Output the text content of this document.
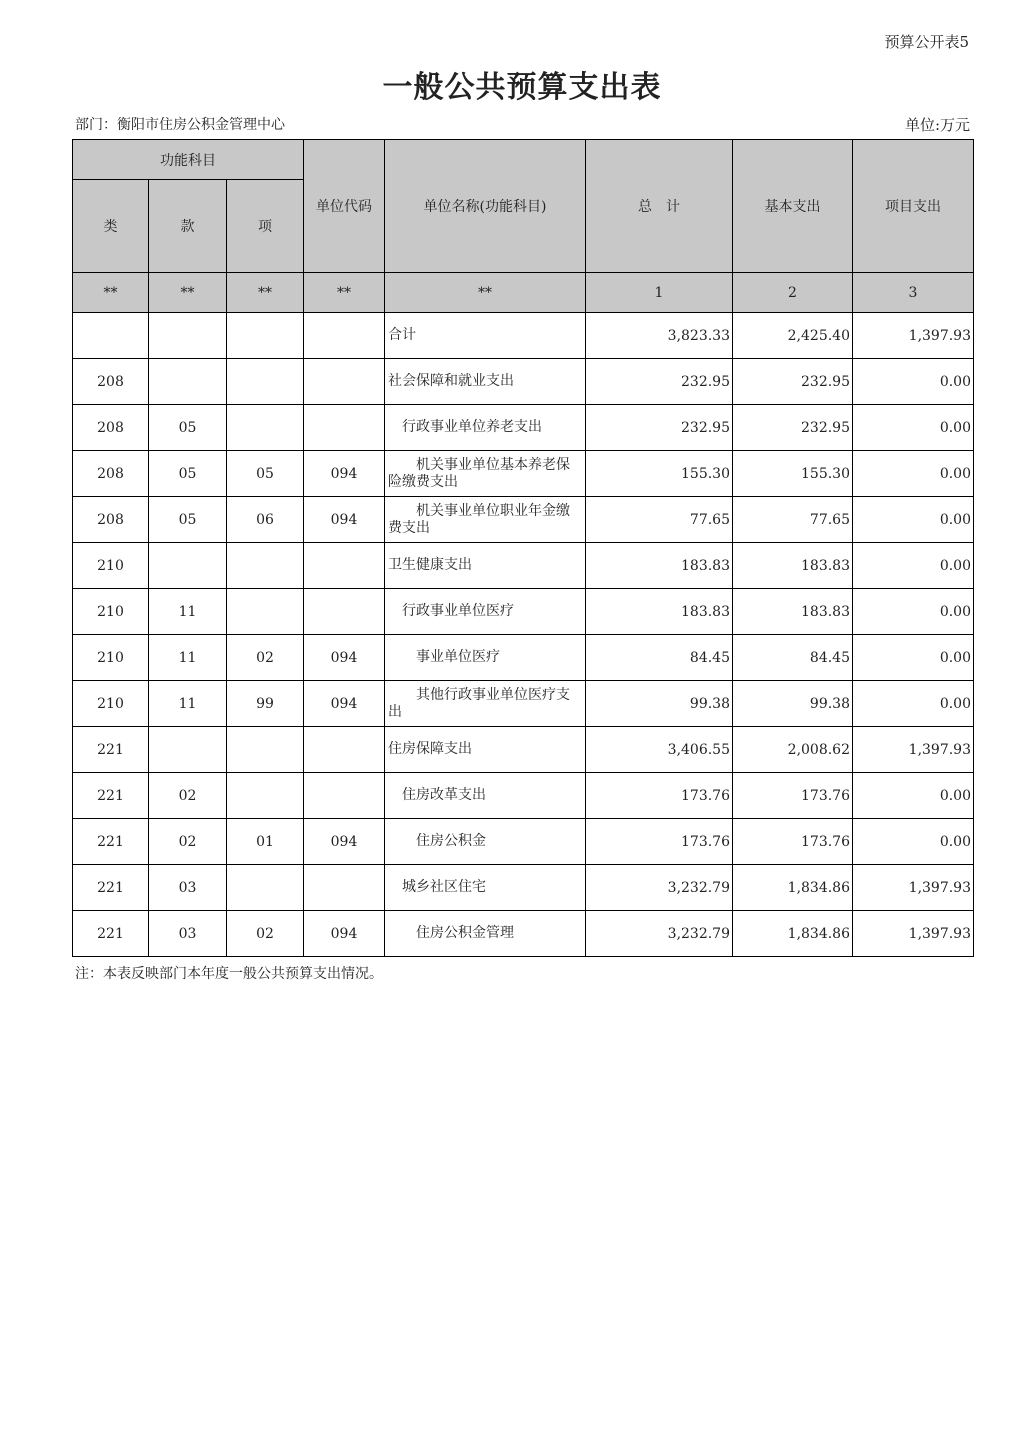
预算公开表5
一般公共预算支出表
部门：衡阳市住房公积金管理中心	单位:万元
功能科目			单位代码	单位名称(功能科目)	总　计	基本支出	项目支出
类	款	项					
**	**	**	**	**	1	2	3
				合计	3,823.33	2,425.40	1,397.93
208				社会保障和就业支出	232.95	232.95	0.00
208	05			　行政事业单位养老支出	232.95	232.95	0.00
208	05	05	094	　　机关事业单位基本养老保险缴费支出	155.30	155.30	0.00
208	05	06	094	　　机关事业单位职业年金缴费支出	77.65	77.65	0.00
210				卫生健康支出	183.83	183.83	0.00
210	11			　行政事业单位医疗	183.83	183.83	0.00
210	11	02	094	　　事业单位医疗	84.45	84.45	0.00
210	11	99	094	　　其他行政事业单位医疗支出	99.38	99.38	0.00
221				住房保障支出	3,406.55	2,008.62	1,397.93
221	02			　住房改革支出	173.76	173.76	0.00
221	02	01	094	　　住房公积金	173.76	173.76	0.00
221	03			　城乡社区住宅	3,232.79	1,834.86	1,397.93
221	03	02	094	　　住房公积金管理	3,232.79	1,834.86	1,397.93
注：本表反映部门本年度一般公共预算支出情况。
